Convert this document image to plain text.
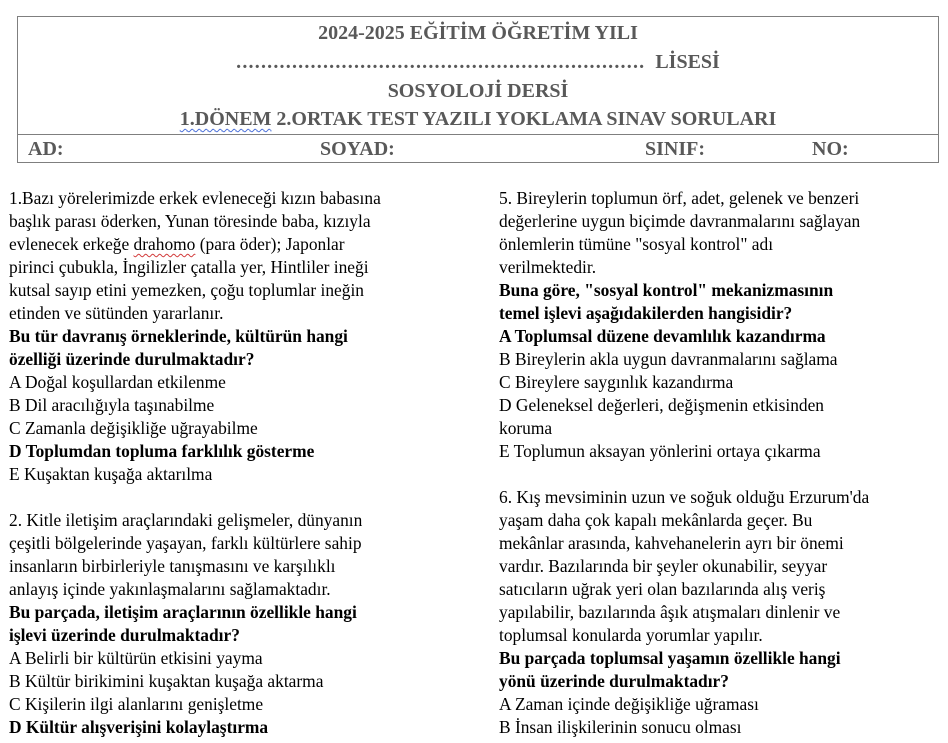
2024-2025 EĞİTİM ÖĞRETİM YILI
.................................................................. LİSESİ
SOSYOLOJİ DERSİ
1.DÖNEM 2.ORTAK TEST YAZILI YOKLAMA SINAV SORULARI
AD:	SOYAD:	SINIF:	NO:
1.Bazı yörelerimizde erkek evleneceği kızın babasına
başlık parası öderken, Yunan töresinde baba, kızıyla
evlenecek erkeğe drahomo (para öder); Japonlar
pirinci çubukla, İngilizler çatalla yer, Hintliler ineği
kutsal sayıp etini yemezken, çoğu toplumlar ineğin
etinden ve sütünden yararlanır.
Bu tür davranış örneklerinde, kültürün hangi
özelliği üzerinde durulmaktadır?
A Doğal koşullardan etkilenme
B Dil aracılığıyla taşınabilme
C Zamanla değişikliğe uğrayabilme
D Toplumdan topluma farklılık gösterme
E Kuşaktan kuşağa aktarılma
2. Kitle iletişim araçlarındaki gelişmeler, dünyanın
çeşitli bölgelerinde yaşayan, farklı kültürlere sahip
insanların birbirleriyle tanışmasını ve karşılıklı
anlayış içinde yakınlaşmalarını sağlamaktadır.
Bu parçada, iletişim araçlarının özellikle hangi
işlevi üzerinde durulmaktadır?
A Belirli bir kültürün etkisini yayma
B Kültür birikimini kuşaktan kuşağa aktarma
C Kişilerin ilgi alanlarını genişletme
D Kültür alışverişini kolaylaştırma
5. Bireylerin toplumun örf, adet, gelenek ve benzeri
değerlerine uygun biçimde davranmalarını sağlayan
önlemlerin tümüne "sosyal kontrol" adı
verilmektedir.
Buna göre, "sosyal kontrol" mekanizmasının
temel işlevi aşağıdakilerden hangisidir?
A Toplumsal düzene devamlılık kazandırma
B Bireylerin akla uygun davranmalarını sağlama
C Bireylere saygınlık kazandırma
D Geleneksel değerleri, değişmenin etkisinden
koruma
E Toplumun aksayan yönlerini ortaya çıkarma
6. Kış mevsiminin uzun ve soğuk olduğu Erzurum'da
yaşam daha çok kapalı mekânlarda geçer. Bu
mekânlar arasında, kahvehanelerin ayrı bir önemi
vardır. Bazılarında bir şeyler okunabilir, seyyar
satıcıların uğrak yeri olan bazılarında alış veriş
yapılabilir, bazılarında âşık atışmaları dinlenir ve
toplumsal konularda yorumlar yapılır.
Bu parçada toplumsal yaşamın özellikle hangi
yönü üzerinde durulmaktadır?
A Zaman içinde değişikliğe uğraması
B İnsan ilişkilerinin sonucu olması
